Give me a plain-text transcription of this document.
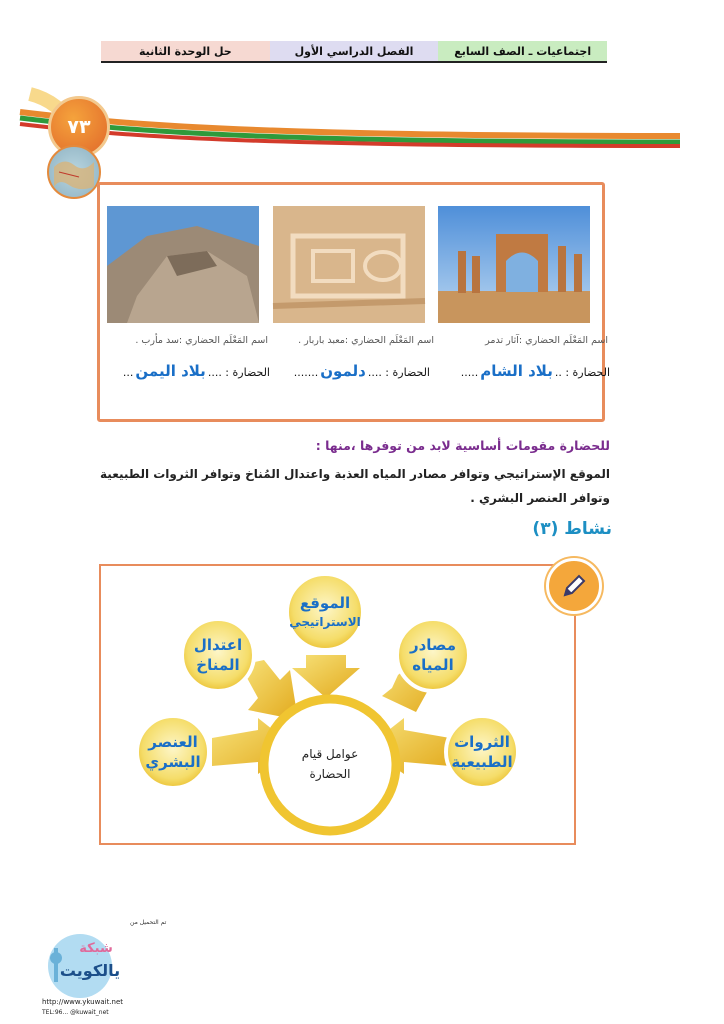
حل الوحدة الثانية	الفصل الدراسي الأول	اجتماعيات ـ الصف السابع
٧٣
اسم المَعْلَم الحضاري :آثار تدمر
اسم المَعْلَم الحضاري :معبد باربار .
اسم المَعْلَم الحضاري :سد مأرب .
الحضارة : ..
بلاد الشام
.....
الحضارة : ....
دلمون
.......
الحضارة : ....
بلاد اليمن
...
للحضارة مقومات أساسية لابد من توفرها ،منها :
الموقع الإستراتيجي وتوافر مصادر المياه العذبة واعتدال المُناخ وتوافر الثروات الطبيعية وتوافر العنصر البشري .
نشاط (٣)
الموقع
الاستراتيجي
مصادر
المياه
اعتدال
المناخ
العنصر
البشري
الثروات
الطبيعية
عوامل قيام
الحضارة
تم التحميل من
شبكة
يالكويت
http://www.ykuwait.net
TEL:96... @kuwait_net
